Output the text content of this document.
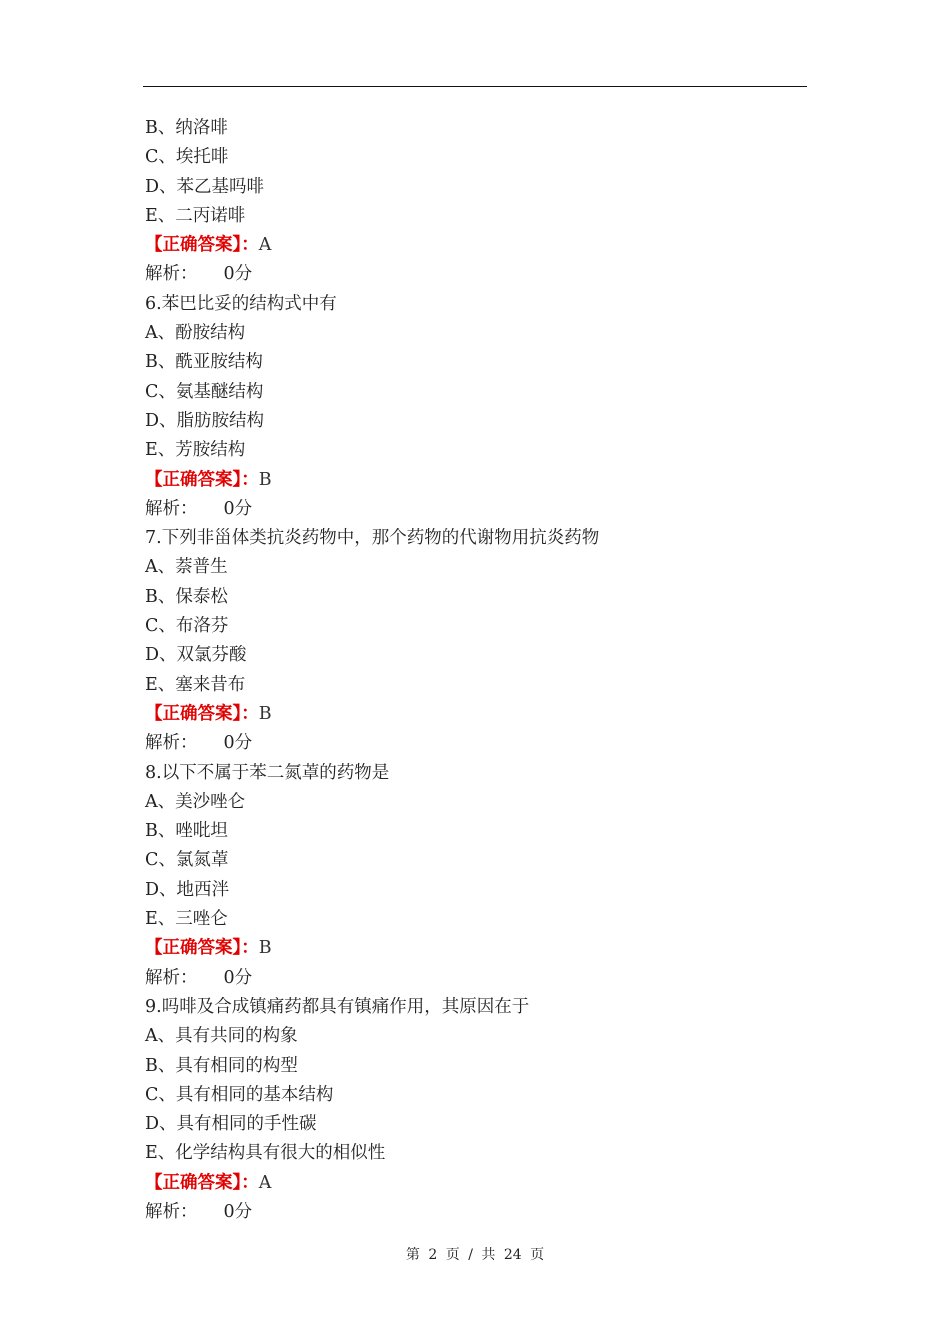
B、纳洛啡
C、埃托啡
D、苯乙基吗啡
E、二丙诺啡
【正确答案】：A
解析： 0分
6.苯巴比妥的结构式中有
A、酚胺结构
B、酰亚胺结构
C、氨基醚结构
D、脂肪胺结构
E、芳胺结构
【正确答案】：B
解析： 0分
7.下列非甾体类抗炎药物中，那个药物的代谢物用抗炎药物
A、萘普生
B、保泰松
C、布洛芬
D、双氯芬酸
E、塞来昔布
【正确答案】：B
解析： 0分
8.以下不属于苯二氮䓬的药物是
A、美沙唑仑
B、唑吡坦
C、氯氮䓬
D、地西泮
E、三唑仑
【正确答案】：B
解析： 0分
9.吗啡及合成镇痛药都具有镇痛作用，其原因在于
A、具有共同的构象
B、具有相同的构型
C、具有相同的基本结构
D、具有相同的手性碳
E、化学结构具有很大的相似性
【正确答案】：A
解析： 0分
第 2 页 / 共 24 页
